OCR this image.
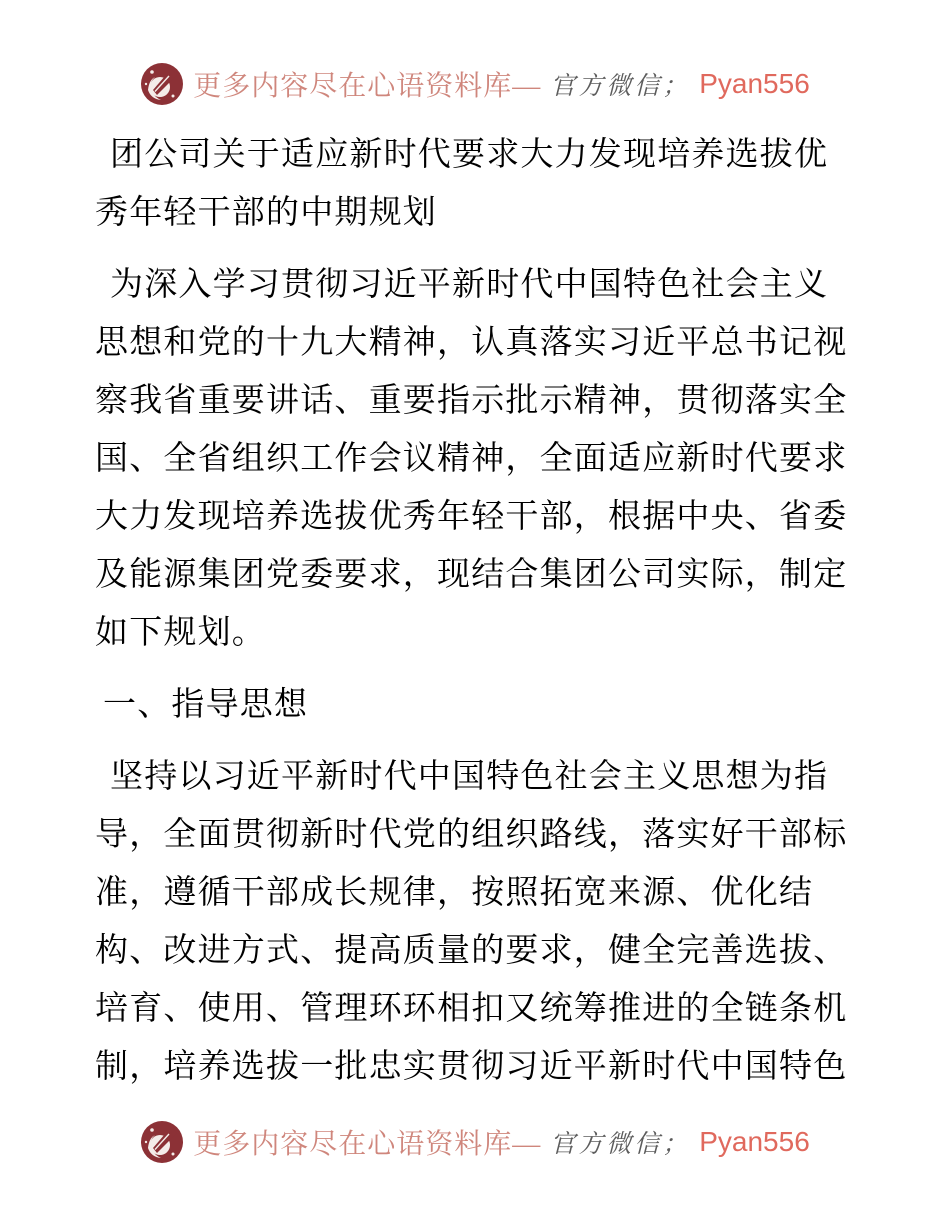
更多内容尽在心语资料库— 官方微信； Pyan556
团公司关于适应新时代要求大力发现培养选拔优
秀年轻干部的中期规划
为深入学习贯彻习近平新时代中国特色社会主义
思想和党的十九大精神，认真落实习近平总书记视
察我省重要讲话、重要指示批示精神，贯彻落实全
国、全省组织工作会议精神，全面适应新时代要求
大力发现培养选拔优秀年轻干部，根据中央、省委
及能源集团党委要求，现结合集团公司实际，制定
如下规划。
一、指导思想
坚持以习近平新时代中国特色社会主义思想为指
导，全面贯彻新时代党的组织路线，落实好干部标
准，遵循干部成长规律，按照拓宽来源、优化结
构、改进方式、提高质量的要求，健全完善选拔、
培育、使用、管理环环相扣又统筹推进的全链条机
制，培养选拔一批忠实贯彻习近平新时代中国特色
更多内容尽在心语资料库— 官方微信； Pyan556
